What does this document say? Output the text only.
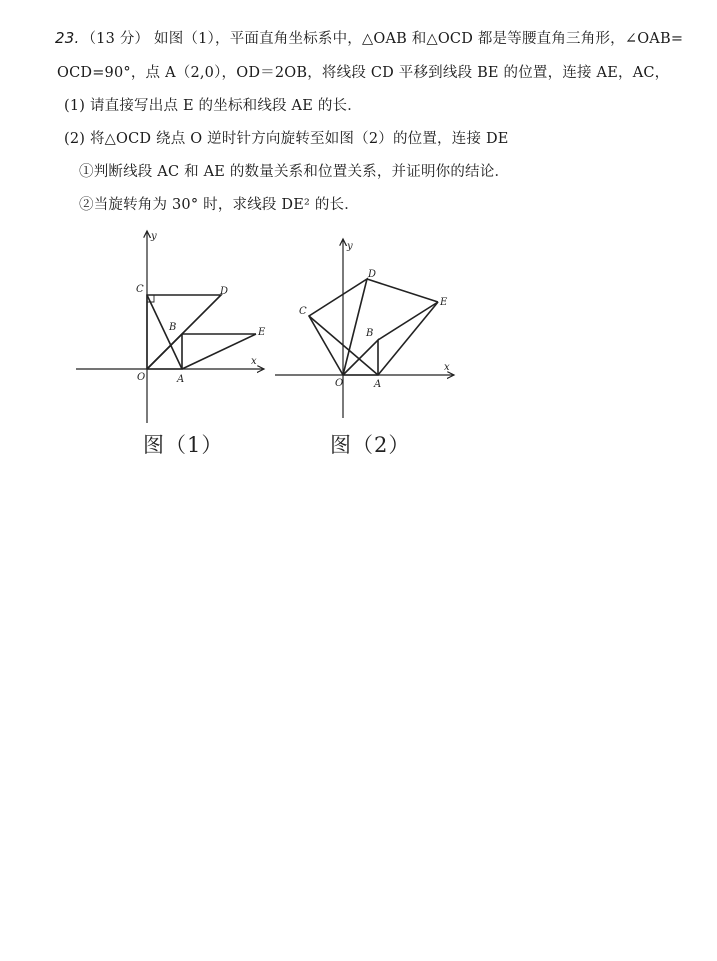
23. （13 分） 如图（1），平面直角坐标系中，△OAB 和△OCD 都是等腰直角三角形，∠OAB=
OCD=90°，点 A（2,0），OD＝2OB，将线段 CD 平移到线段 BE 的位置，连接 AE，AC，
(1) 请直接写出点 E 的坐标和线段 AE 的长．
(2) 将△OCD 绕点 O 逆时针方向旋转至如图（2）的位置，连接 DE
①判断线段 AC 和 AE 的数量关系和位置关系，并证明你的结论．
②当旋转角为 30° 时，求线段 DE² 的长．
y
x
O	A
B
C	D
E
图（1）
y
x
O	A
B
C
D
E
图（2）
